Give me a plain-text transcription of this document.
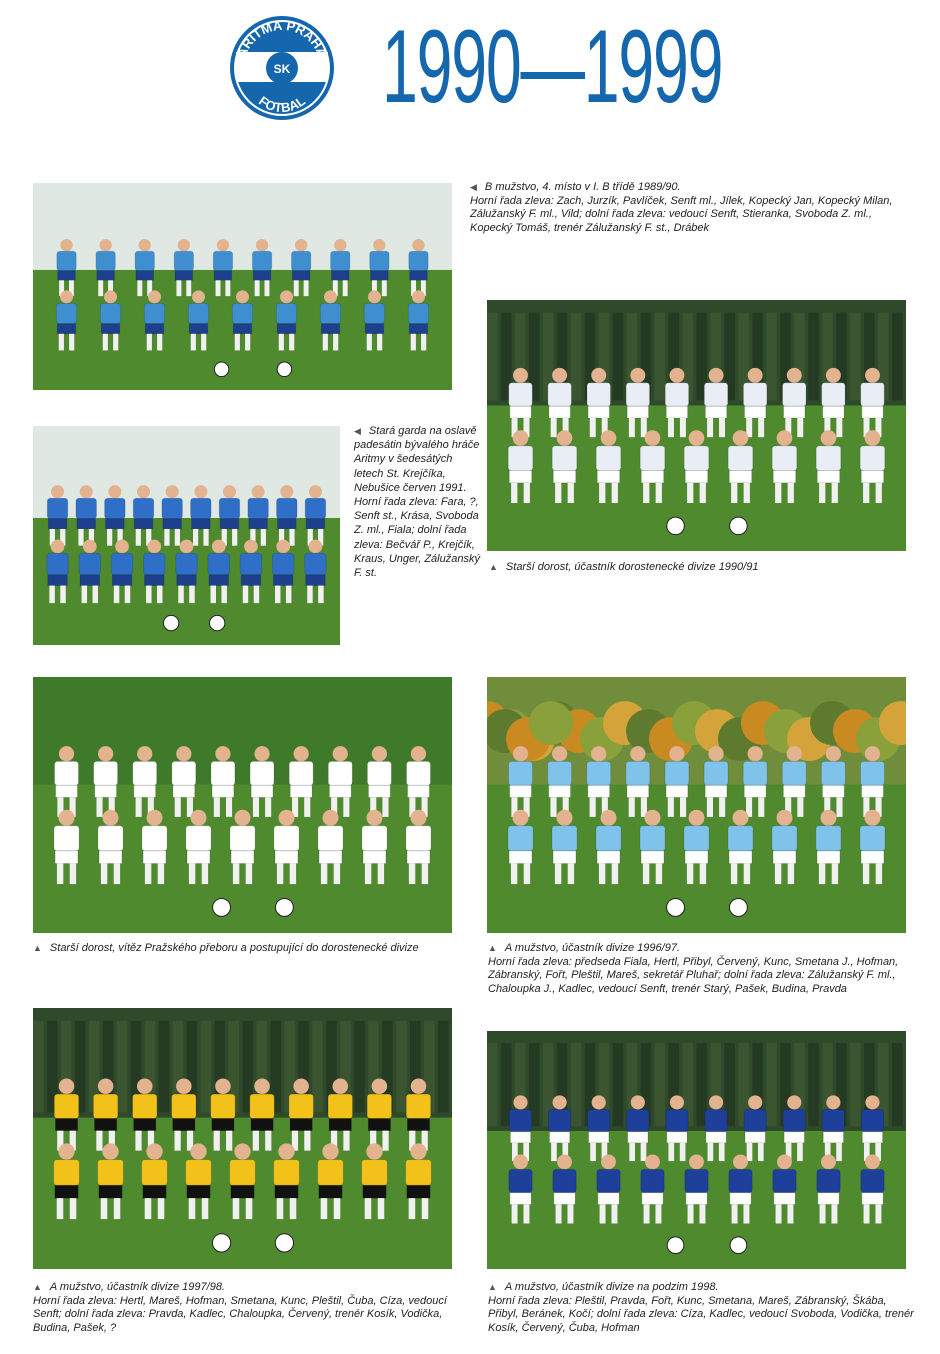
ARITMA PRAHA
SK
FOTBAL 1990—1999
◀ B mužstvo, 4. místo v I. B třídě 1989/90.
Horní řada zleva: Zach, Jurzík, Pavlíček, Senft ml., Jílek, Kopecký Jan, Kopecký Milan, Zálužanský F. ml., Vild; dolní řada zleva: vedoucí Senft, Stieranka, Svoboda Z. ml., Kopecký Tomáš, trenér Zálužanský F. st., Drábek
◀ Stará garda na oslavě padesátin bývalého hráče Aritmy v šedesátých letech St. Krejčíka, Nebušice červen 1991. Horní řada zleva: Fara, ?, Senft st., Krása, Svoboda Z. ml., Fiala; dolní řada zleva: Bečvář P., Krejčík, Kraus, Unger, Zálužanský F. st.
▲ Starší dorost, účastník dorostenecké divize 1990/91
▲ Starší dorost, vítěz Pražského přeboru a postupující do dorostenecké divize	▲ A mužstvo, účastník divize 1996/97.
Horní řada zleva: předseda Fiala, Hertl, Přibyl, Červený, Kunc, Smetana J., Hofman, Zábranský, Fořt, Pleštil, Mareš, sekretář Pluhař; dolní řada zleva: Zálužanský F. ml., Chaloupka J., Kadlec, vedoucí Senft, trenér Starý, Pašek, Budina, Pravda
▲ A mužstvo, účastník divize 1997/98.
Horní řada zleva: Hertl, Mareš, Hofman, Smetana, Kunc, Pleštil, Čuba, Cíza, vedoucí Senft; dolní řada zleva: Pravda, Kadlec, Chaloupka, Červený, trenér Kosík, Vodička, Budina, Pašek, ?
▲ A mužstvo, účastník divize na podzim 1998.
Horní řada zleva: Pleštil, Pravda, Fořt, Kunc, Smetana, Mareš, Zábranský, Škába, Přibyl, Beránek, Kočí; dolní řada zleva: Cíza, Kadlec, vedoucí Svoboda, Vodička, trenér Kosík, Červený, Čuba, Hofman
